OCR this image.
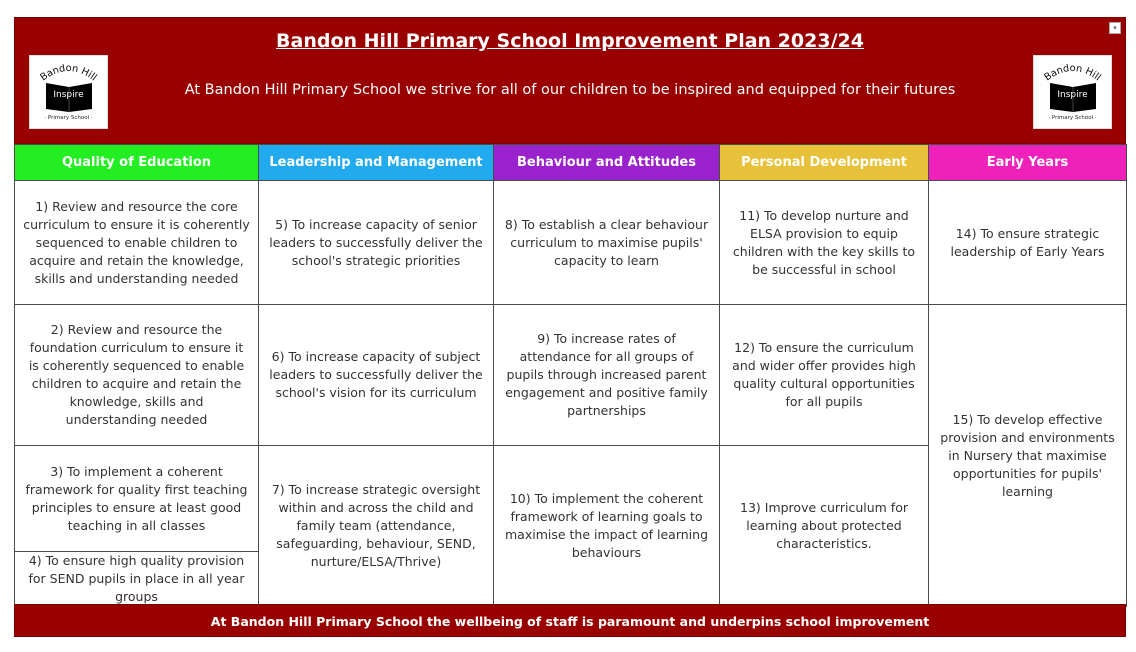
▾
Bandon Hill
Inspire
· Primary School ·
Bandon Hill Primary School Improvement Plan 2023/24
At Bandon Hill Primary School we strive for all of our children to be inspired and equipped for their futures
Bandon Hill
Inspire
· Primary School ·
Quality of Education	Leadership and Management	Behaviour and Attitudes	Personal Development	Early Years
1) Review and resource the core curriculum to ensure it is coherently sequenced to enable children to acquire and retain the knowledge, skills and understanding needed	5) To increase capacity of senior leaders to successfully deliver the school's strategic priorities	8) To establish a clear behaviour curriculum to maximise pupils' capacity to learn	11) To develop nurture and ELSA provision to equip children with the key skills to be successful in school	14) To ensure strategic leadership of Early Years
2) Review and resource the foundation curriculum to ensure it is coherently sequenced to enable children to acquire and retain the knowledge, skills and understanding needed	6) To increase capacity of subject leaders to successfully deliver the school's vision for its curriculum	9) To increase rates of attendance for all groups of pupils through increased parent engagement and positive family partnerships	12) To ensure the curriculum and wider offer provides high quality cultural opportunities for all pupils	15) To develop effective provision and environments in Nursery that maximise opportunities for pupils' learning
3) To implement a coherent framework for quality first teaching principles to ensure at least good teaching in all classes	7) To increase strategic oversight within and across the child and family team (attendance, safeguarding, behaviour, SEND, nurture/ELSA/Thrive)	10) To implement the coherent framework of learning goals to maximise the impact of learning behaviours	13) Improve curriculum for learning about protected characteristics.	
4) To ensure high quality provision for SEND pupils in place in all year groups				
At Bandon Hill Primary School the wellbeing of staff is paramount and underpins school improvement
